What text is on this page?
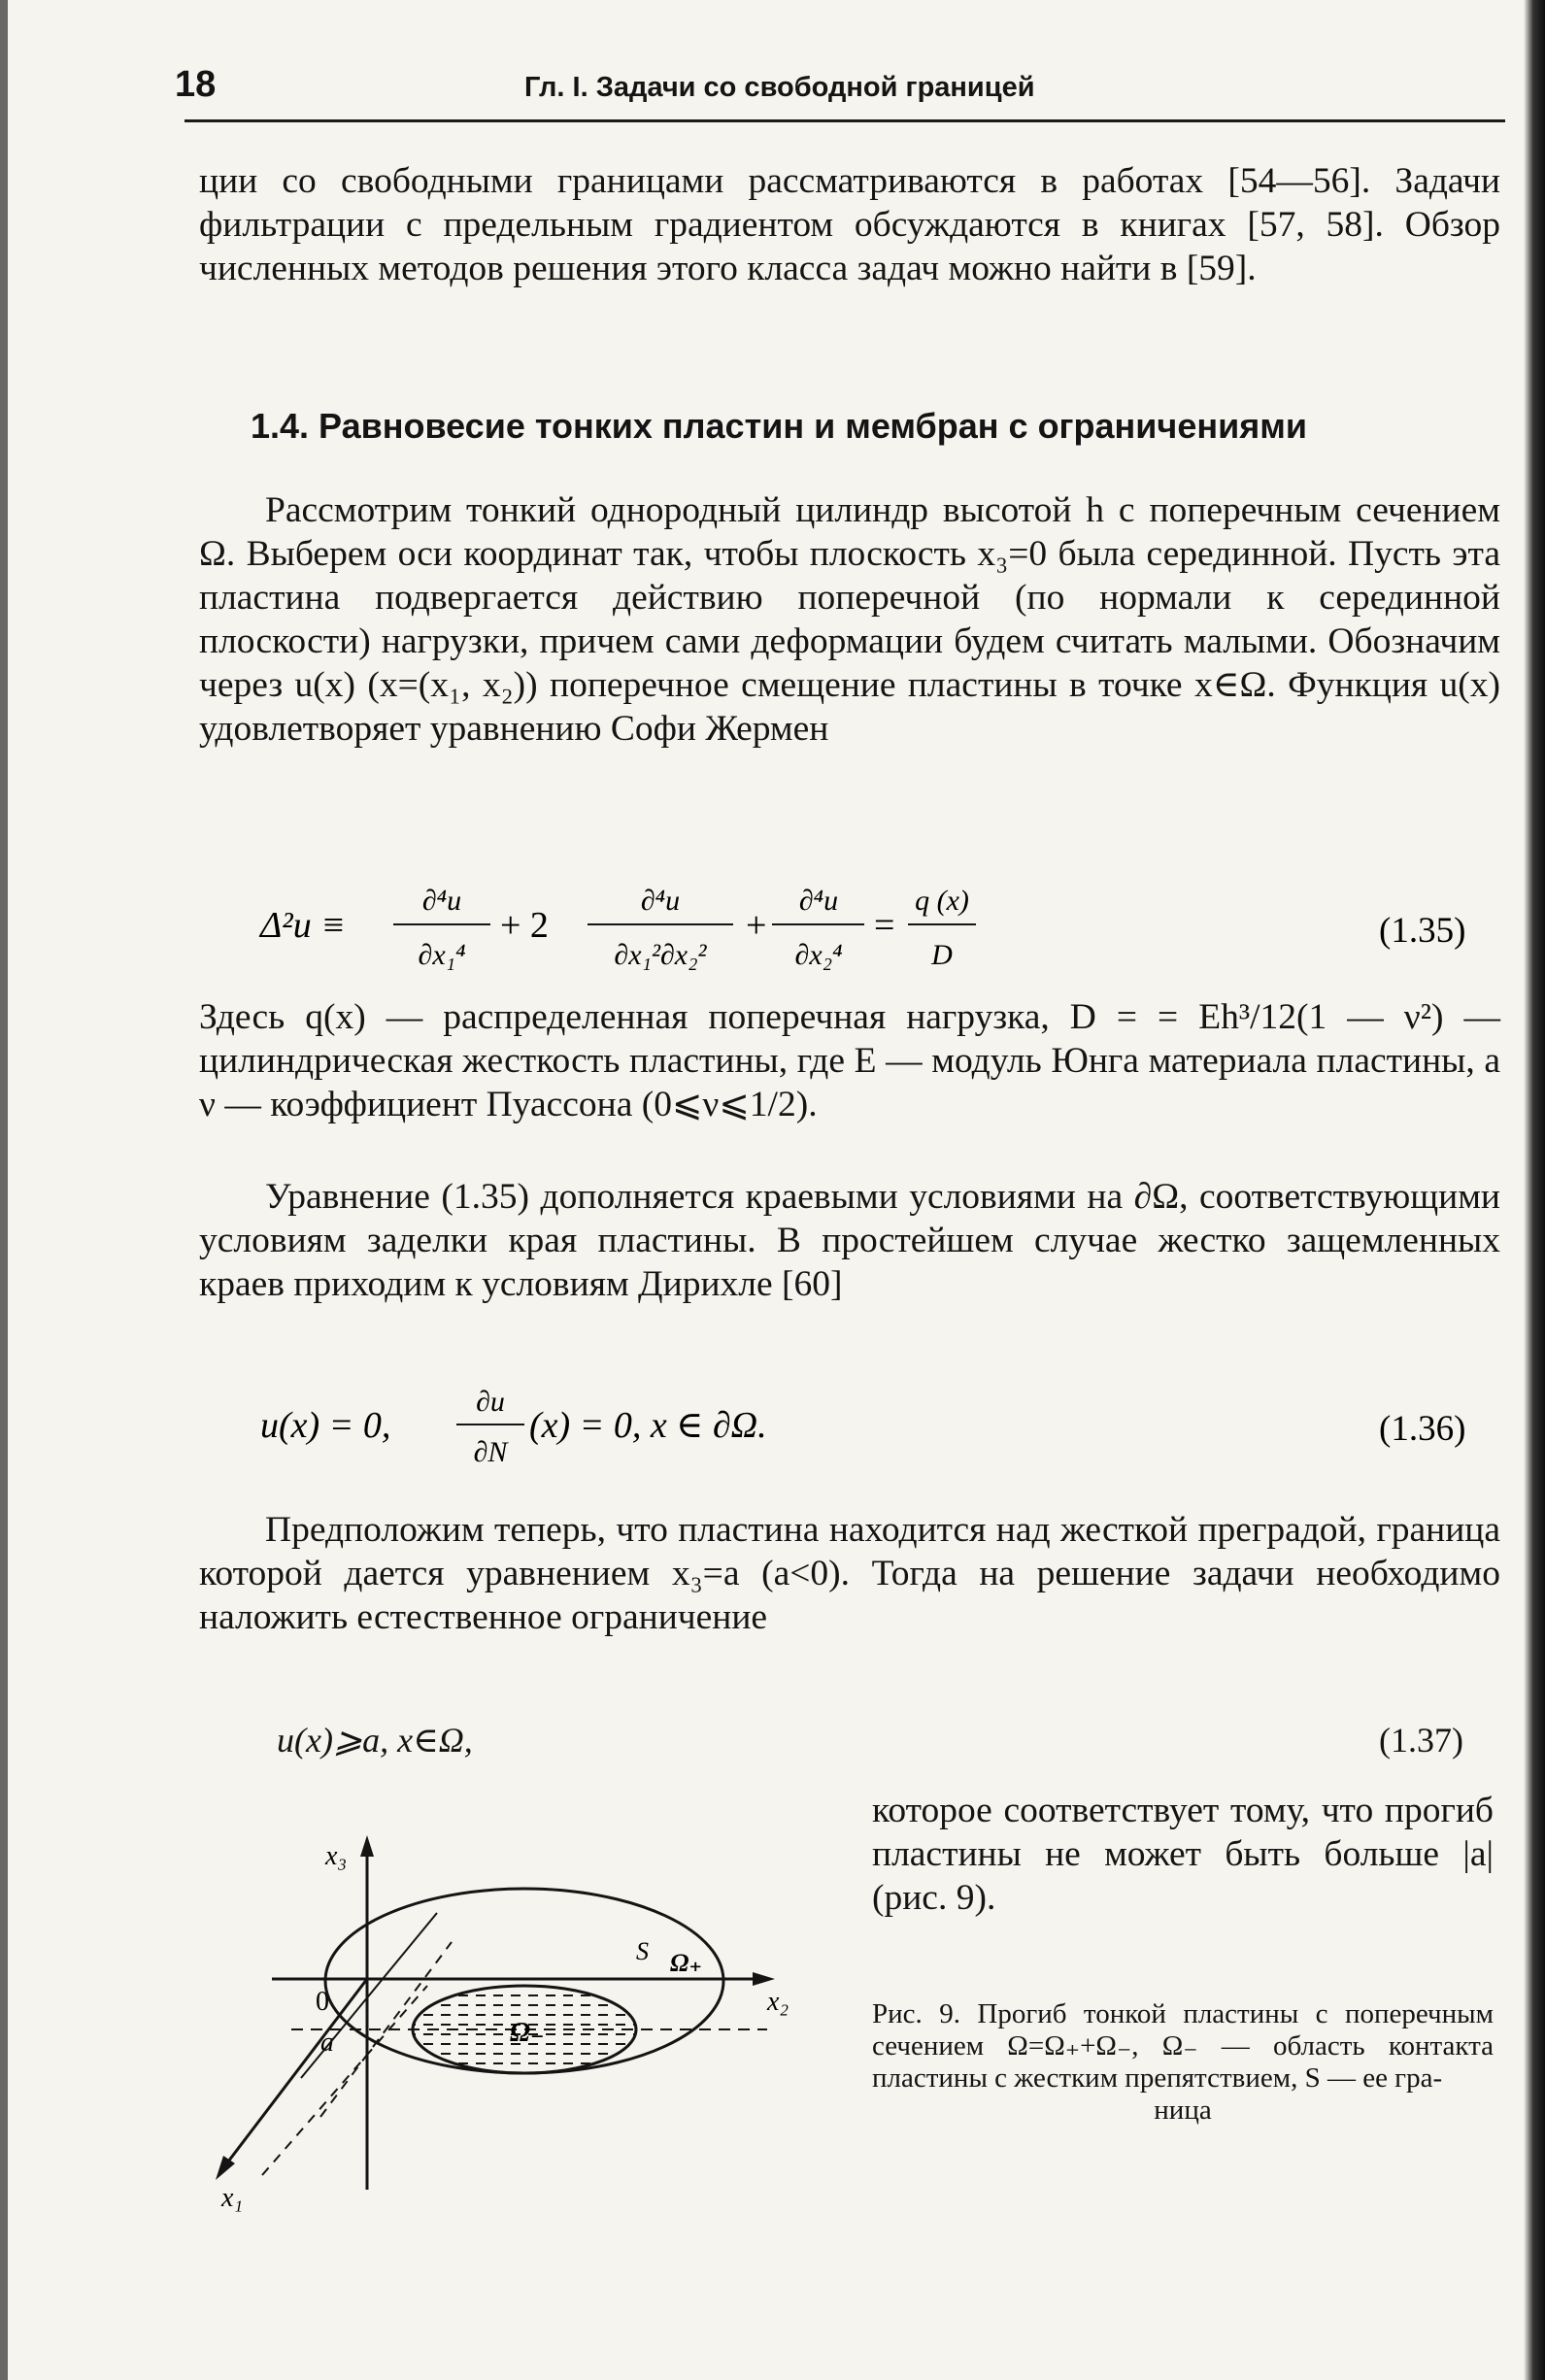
18	Гл. I. Задачи со свободной границей

ции со свободными границами рассматриваются в работах [54—56]. Задачи фильтрации с предельным градиентом обсуждаются в книгах [57, 58]. Обзор численных методов решения этого класса задач можно найти в [59].

1.4. Равновесие тонких пластин и мембран с ограничениями

Рассмотрим тонкий однородный цилиндр высотой h с поперечным сечением Ω. Выберем оси координат так, чтобы плоскость x₃=0 была серединной. Пусть эта пластина подвергается действию поперечной (по нормали к серединной плоскости) нагрузки, причем сами деформации будем считать малыми. Обозначим через u(x) (x=(x₁, x₂)) поперечное смещение пластины в точке x∈Ω. Функция u(x) удовлетворяет уравнению Софи Жермен

Δ²u ≡
∂⁴u
∂x₁⁴
+ 2
∂⁴u
∂x₁²∂x₂²
+
∂⁴u
∂x₂⁴
=
q (x)
D
(1.35)

Здесь q(x) — распределенная поперечная нагрузка, D = = Eh³/12(1 — ν²) — цилиндрическая жесткость пластины, где E — модуль Юнга материала пластины, а ν — коэффициент Пуассона (0⩽ν⩽1/2).

Уравнение (1.35) дополняется краевыми условиями на ∂Ω, соответствующими условиям заделки края пластины. В простейшем случае жестко защемленных краев приходим к условиям Дирихле [60]

u(x) = 0,
∂u
∂N
(x) = 0, x ∈ ∂Ω.	(1.36)

Предположим теперь, что пластина находится над жесткой преградой, граница которой дается уравнением x₃=a (a<0). Тогда на решение задачи необходимо наложить естественное ограничение

u(x)⩾a, x∈Ω,	(1.37)
которое соответствует тому, что прогиб пластины не может быть больше |a| (рис. 9).
x₃
x₂
x₁
0
a	Ω₋
S Ω₊
Рис. 9. Прогиб тонкой пластины с поперечным сечением Ω=Ω₊+Ω₋, Ω₋ — область контакта пластины с жестким препятствием, S — ее гра-
ница
